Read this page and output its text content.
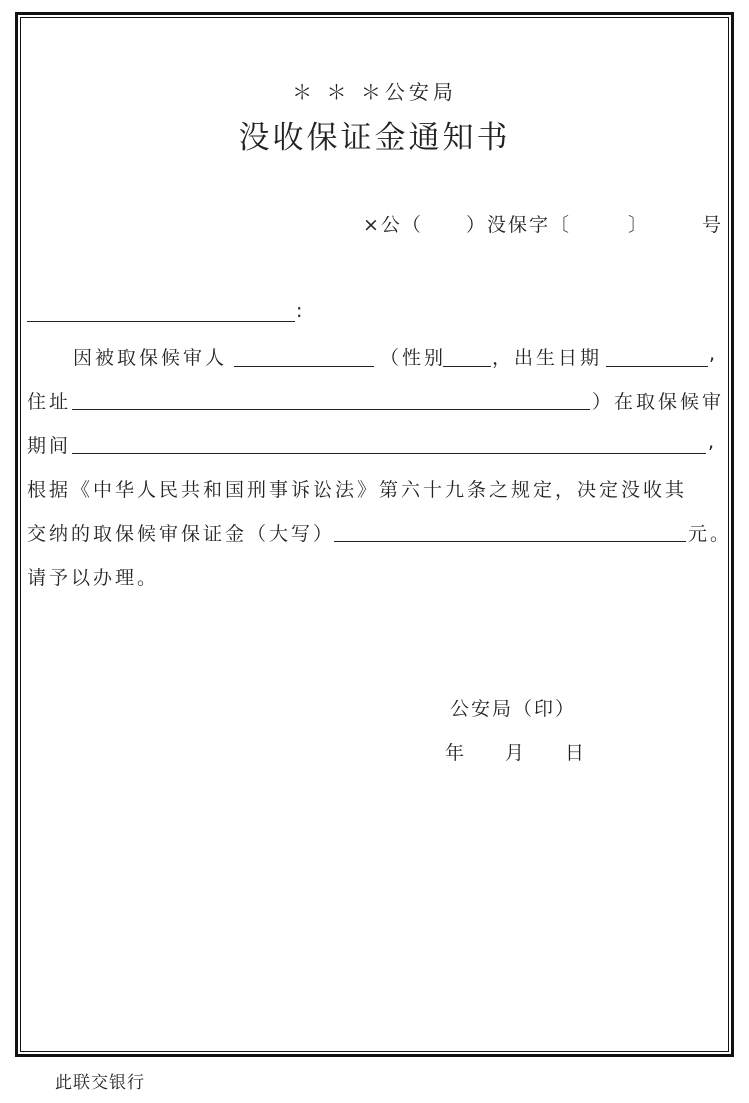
＊ ＊ ＊公安局
没收保证金通知书
×公（ ）没保字〔	〕	号
:
因被取保候审人	（性别 ，出生日期	,
住址	）在取保候审
期间	,
根据《中华人民共和国刑事诉讼法》第六十九条之规定，决定没收其
交纳的取保候审保证金（大写）	元。
请予以办理。
公安局（印）
年 月 日
此联交银行
